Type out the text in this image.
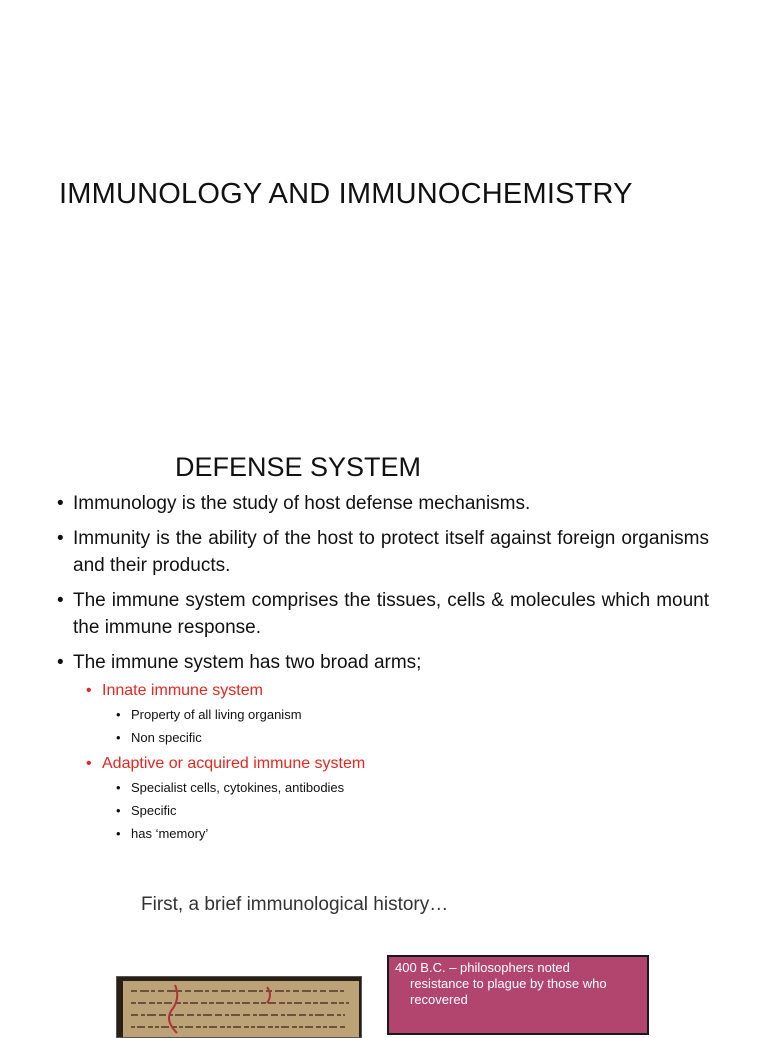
IMMUNOLOGY AND IMMUNOCHEMISTRY
DEFENSE SYSTEM
• Immunology is the study of host defense mechanisms.
• Immunity is the ability of the host to protect itself against foreign organisms and their products.
• The immune system comprises the tissues, cells & molecules which mount the immune response.
• The immune system has two broad arms;
• Innate immune system
• Property of all living organism
• Non specific
• Adaptive or acquired immune system
• Specialist cells, cytokines, antibodies
• Specific
• has ‘memory’
First, a brief immunological history…
400 B.C. – philosophers noted
resistance to plague by those who
recovered
